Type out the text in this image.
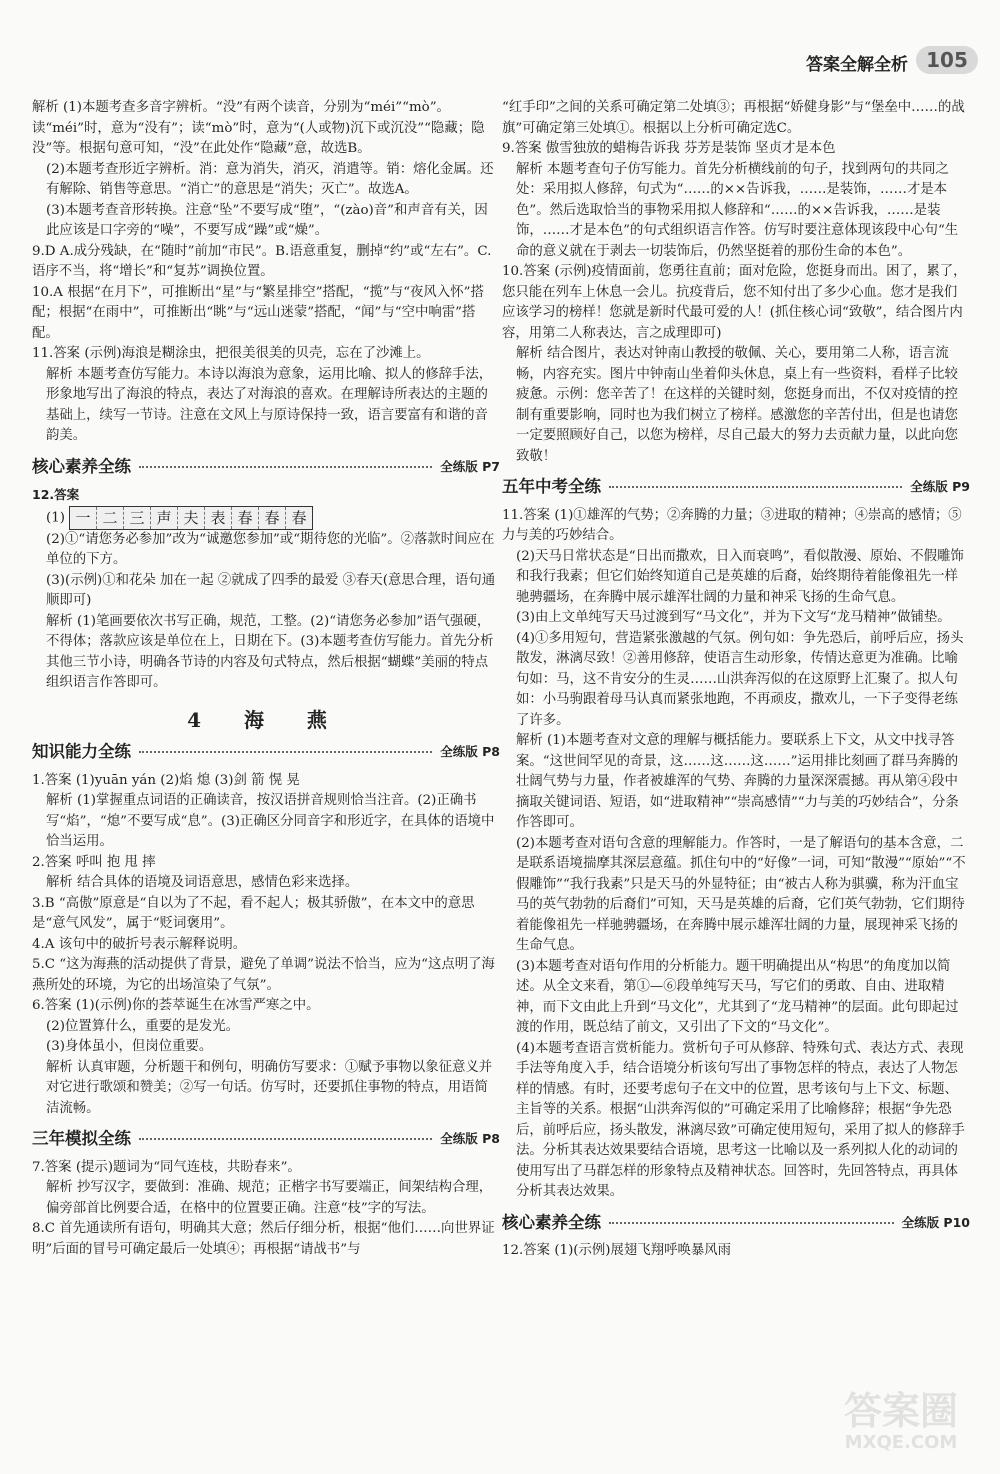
答案全解全析 105

解析 (1)本题考查多音字辨析。“没”有两个读音，分别为“méi”“mò”。读“méi”时，意为“没有”；读“mò”时，意为“(人或物)沉下或沉没”“隐藏；隐没”等。根据句意可知，“没”在此处作“隐藏”意，故选B。

(2)本题考查形近字辨析。消：意为消失，消灭，消遣等。销：熔化金属。还有解除、销售等意思。“消亡”的意思是“消失；灭亡”。故选A。

(3)本题考查音形转换。注意“坠”不要写成“堕”，“(zào)音”和声音有关，因此应该是口字旁的“噪”，不要写成“躁”或“燥”。

9.D A.成分残缺，在“随时”前加“市民”。B.语意重复，删掉“约”或“左右”。C.语序不当，将“增长”和“复苏”调换位置。

10.A 根据“在月下”，可推断出“星”与“繁星排空”搭配，“揽”与“夜风入怀”搭配；根据“在雨中”，可推断出“眺”与“远山迷蒙”搭配，“闻”与“空中响雷”搭配。

11.答案 (示例)海浪是糊涂虫，把很美很美的贝壳，忘在了沙滩上。

解析 本题考查仿写能力。本诗以海浪为意象，运用比喻、拟人的修辞手法，形象地写出了海浪的特点，表达了对海浪的喜欢。在理解诗所表达的主题的基础上，续写一节诗。注意在文风上与原诗保持一致，语言要富有和谐的音韵美。

核心素养全练	全练版 P7

12.答案

(1) 一 二 三 声 夫 表 春 春 春

(2)①“请您务必参加”改为“诚邀您参加”或“期待您的光临”。②落款时间应在单位的下方。

(3)(示例)①和花朵 加在一起 ②就成了四季的最爱 ③春天(意思合理，语句通顺即可)

解析 (1)笔画要依次书写正确，规范，工整。(2)“请您务必参加”语气强硬，不得体；落款应该是单位在上，日期在下。(3)本题考查仿写能力。首先分析其他三节小诗，明确各节诗的内容及句式特点，然后根据“蝴蝶”美丽的特点组织语言作答即可。

4 海 燕
知识能力全练	全练版 P8

1.答案 (1)yuān yán (2)焰 熄 (3)剑 箭 愰 晃

解析 (1)掌握重点词语的正确读音，按汉语拼音规则恰当注音。(2)正确书写“焰”，“熄”不要写成“息”。(3)正确区分同音字和形近字，在具体的语境中恰当运用。

2.答案 呼叫 抱 甩 摔

解析 结合具体的语境及词语意思，感情色彩来选择。

3.B “高傲”原意是“自以为了不起，看不起人；极其骄傲”，在本文中的意思是“意气风发”，属于“贬词褒用”。

4.A 该句中的破折号表示解释说明。

5.C “这为海燕的活动提供了背景，避免了单调”说法不恰当，应为“这点明了海燕所处的环境，为它的出场渲染了气氛”。

6.答案 (1)(示例)你的荟萃诞生在冰雪严寒之中。

(2)位置算什么，重要的是发光。

(3)身体虽小，但岗位重要。

解析 认真审题，分析题干和例句，明确仿写要求：①赋予事物以象征意义并对它进行歌颂和赞美；②写一句话。仿写时，还要抓住事物的特点，用语简洁流畅。

三年模拟全练	全练版 P8

7.答案 (提示)题词为“同气连枝，共盼春来”。

解析 抄写汉字，要做到：准确、规范；正楷字书写要端正，间架结构合理，偏旁部首比例要合适，在格中的位置要正确。注意“枝”字的写法。

8.C 首先通读所有语句，明确其大意；然后仔细分析，根据“他们……向世界证明”后面的冒号可确定最后一处填④；再根据“请战书”与

“红手印”之间的关系可确定第二处填③；再根据“娇健身影”与“堡垒中……的战旗”可确定第三处填①。根据以上分析可确定选C。

9.答案 傲雪独放的蜡梅告诉我 芬芳是装饰 坚贞才是本色

解析 本题考查句子仿写能力。首先分析横线前的句子，找到两句的共同之处：采用拟人修辞，句式为“……的××告诉我，……是装饰，……才是本色”。然后选取恰当的事物采用拟人修辞和“……的××告诉我，……是装饰，……才是本色”的句式组织语言作答。仿写时要注意体现该段中心句“生命的意义就在于剥去一切装饰后，仍然坚挺着的那份生命的本色”。

10.答案 (示例)疫情面前，您勇往直前；面对危险，您挺身而出。困了，累了，您只能在列车上休息一会儿。抗疫背后，您不知付出了多少心血。您才是我们应该学习的榜样！您就是新时代最可爱的人！(抓住核心词“致敬”，结合图片内容，用第二人称表达，言之成理即可)

解析 结合图片，表达对钟南山教授的敬佩、关心，要用第二人称，语言流畅，内容充实。图片中钟南山坐着仰头休息，桌上有一些资料，看样子比较疲惫。示例：您辛苦了！在这样的关键时刻，您挺身而出，不仅对疫情的控制有重要影响，同时也为我们树立了榜样。感激您的辛苦付出，但是也请您一定要照顾好自己，以您为榜样，尽自己最大的努力去贡献力量，以此向您致敬！

五年中考全练	全练版 P9

11.答案 (1)①雄浑的气势；②奔腾的力量；③进取的精神；④崇高的感情；⑤力与美的巧妙结合。

(2)天马日常状态是“日出而撒欢，日入而衰鸣”，看似散漫、原始、不假雕饰和我行我素；但它们始终知道自己是英雄的后裔，始终期待着能像祖先一样驰骋疆场，在奔腾中展示雄浑壮阔的力量和神采飞扬的生命气息。

(3)由上文单纯写天马过渡到写“马文化”，并为下文写“龙马精神”做铺垫。

(4)①多用短句，营造紧张激越的气氛。例句如：争先恐后，前呼后应，扬头散发，淋漓尽致！②善用修辞，使语言生动形象，传情达意更为准确。比喻句如：马，这不肯安分的生灵……山洪奔泻似的在这原野上汇聚了。拟人句如：小马驹跟着母马认真而紧张地跑，不再顽皮，撒欢儿，一下子变得老练了许多。

解析 (1)本题考查对文意的理解与概括能力。要联系上下文，从文中找寻答案。“这世间罕见的奇景，这……这……这……”运用排比刻画了群马奔腾的壮阔气势与力量，作者被雄浑的气势、奔腾的力量深深震撼。再从第④段中摘取关键词语、短语，如“进取精神”“崇高感情”“力与美的巧妙结合”，分条作答即可。

(2)本题考查对语句含意的理解能力。作答时，一是了解语句的基本含意，二是联系语境揣摩其深层意蕴。抓住句中的“好像”一词，可知“散漫”“原始”“不假雕饰”“我行我素”只是天马的外显特征；由“被古人称为骐骥，称为汗血宝马的英气勃勃的后裔们”可知，天马是英雄的后裔，它们英气勃勃，它们期待着能像祖先一样驰骋疆场，在奔腾中展示雄浑壮阔的力量，展现神采飞扬的生命气息。

(3)本题考查对语句作用的分析能力。题干明确提出从“构思”的角度加以简述。从全文来看，第①—⑥段单纯写天马，写它们的勇敢、自由、进取精神，而下文由此上升到“马文化”，尤其到了“龙马精神”的层面。此句即起过渡的作用，既总结了前文，又引出了下文的“马文化”。

(4)本题考查语言赏析能力。赏析句子可从修辞、特殊句式、表达方式、表现手法等角度入手，结合语境分析该句写出了事物怎样的特点，表达了人物怎样的情感。有时，还要考虑句子在文中的位置，思考该句与上下文、标题、主旨等的关系。根据“山洪奔泻似的”可确定采用了比喻修辞；根据“争先恐后，前呼后应，扬头散发，淋漓尽致”可确定使用短句，采用了拟人的修辞手法。分析其表达效果要结合语境，思考这一比喻以及一系列拟人化的动词的使用写出了马群怎样的形象特点及精神状态。回答时，先回答特点，再具体分析其表达效果。

核心素养全练	全练版 P10

12.答案 (1)(示例)展翅飞翔呼唤暴风雨

答案圈
MXQE.COM
